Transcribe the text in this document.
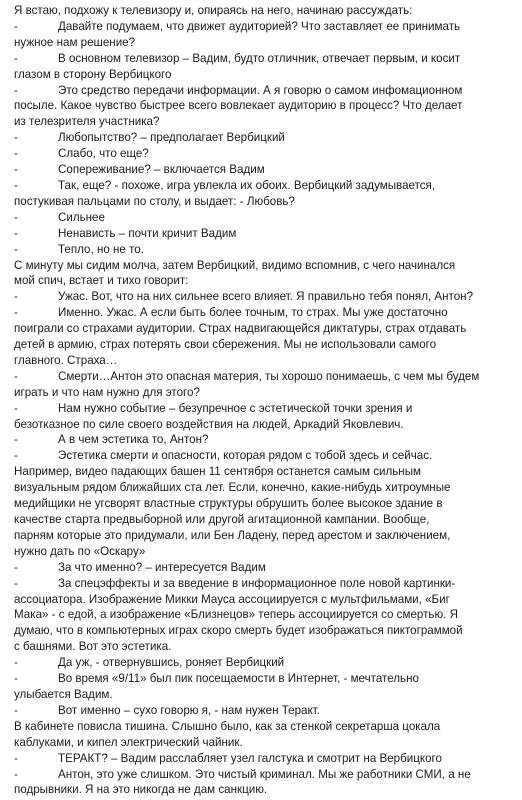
Я встаю, подхожу к телевизору и, опираясь на него, начинаю рассуждать:
-	Давайте подумаем, что движет аудиторией? Что заставляет ее принимать
нужное нам решение?
-	В основном телевизор – Вадим, будто отличник, отвечает первым, и косит
глазом в сторону Вербицкого
-	Это средство передачи информации. А я говорю о самом инфомационном
посыле. Какое чувство быстрее всего вовлекает аудиторию в процесс? Что делает
из телезрителя участника?
-	Любопытство? – предполагает Вербицкий
-	Слабо, что еще?
-	Сопереживание? – включается Вадим
-	Так, еще? - похоже, игра увлекла их обоих. Вербицкий задумывается,
постукивая пальцами по столу, и выдает: - Любовь?
-	Сильнее
-	Ненависть – почти кричит Вадим
-	Тепло, но не то.
С минуту мы сидим молча, затем Вербицкий, видимо вспомнив, с чего начинался
мой спич, встает и тихо говорит:
-	Ужас. Вот, что на них сильнее всего влияет. Я правильно тебя понял, Антон?
-	Именно. Ужас. А если быть более точным, то страх. Мы уже достаточно
поиграли со страхами аудитории. Страх надвигающейся диктатуры, страх отдавать
детей в армию, страх потерять свои сбережения. Мы не использовали самого
главного. Страха…
-	Смерти…Антон это опасная материя, ты хорошо понимаешь, с чем мы будем
играть и что нам нужно для этого?
-	Нам нужно событие – безупречное с эстетической точки зрения и
безотказное по силе своего воздействия на людей, Аркадий Яковлевич.
-	А в чем эстетика то, Антон?
-	Эстетика смерти и опасности, которая рядом с тобой здесь и сейчас.
Например, видео падающих башен 11 сентября останется самым сильным
визуальным рядом ближайших ста лет. Если, конечно, какие-нибудь хитроумные
медийщики не угсворят властные структуры обрушить более высокое здание в
качестве старта предвыборной или другой агитационной кампании. Вообще,
парням которые это придумали, или Бен Ладену, перед арестом и заключением,
нужно дать по «Оскару»
-	За что именно? – интересуется Вадим
-	За спецэффекты и за введение в информационное поле новой картинки-
ассоциатора. Изображение Микки Мауса ассоциируется с мультфильмами, «Биг
Мака» - с едой, а изображение «Близнецов» теперь ассоциируется со смертью. Я
думаю, что в компьютерных играх скоро смерть будет изображаться пиктограммой
с башнями. Вот это эстетика.
-	Да уж, - отвернувшись, роняет Вербицкий
-	Во время «9/11» был пик посещаемости в Интернет, - мечтательно
улыбается Вадим.
-	Вот именно – сухо говорю я, - нам нужен Теракт.
В кабинете повисла тишина. Слышно было, как за стенкой секретарша цокала
каблуками, и кипел электрический чайник.
-	ТЕРАКТ? – Вадим расслабляет узел галстука и смотрит на Вербицкого
-	Антон, это уже слишком. Это чистый криминал. Мы же работники СМИ, а не
подрывники. Я на это никогда не дам санкцию.
